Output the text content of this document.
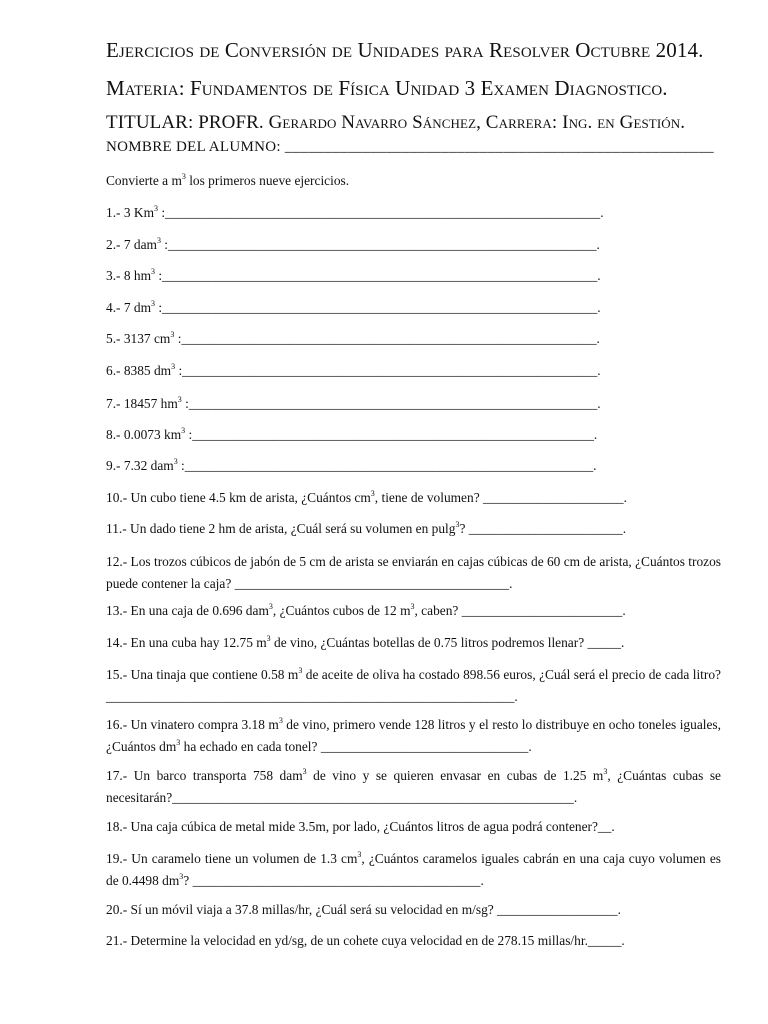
Ejercicios de Conversión de Unidades para Resolver Octubre 2014.
Materia: Fundamentos de Física Unidad 3 Examen Diagnostico.
TITULAR: PROFR. Gerardo Navarro Sánchez, Carrera: Ing. en Gestión.
NOMBRE DEL ALUMNO: _______________________________________________________
Convierte a $m^3$ los primeros nueve ejercicios.
1.- 3 Km$^3$ :_________________________________________________________________.
2.- 7 dam$^3$ :________________________________________________________________.
3.- 8 $hm^3$ :_________________________________________________________________.
4.- 7 $dm^3$ :_________________________________________________________________.
5.- 3137 $cm^3$ :______________________________________________________________.
6.- 8385 $dm^3$ :______________________________________________________________.
7.- 18457 $hm^3$ :_____________________________________________________________.
8.- 0.0073 $km^3$ :____________________________________________________________.
9.- 7.32 dam$^3$ :_____________________________________________________________.
10.- Un cubo tiene 4.5 km de arista, ¿Cuántos $cm^3$, tiene de volumen? _____________________.
11.- Un dado tiene 2 hm de arista, ¿Cuál será su volumen en pulg$^3$? _______________________.
12.- Los trozos cúbicos de jabón de 5 cm de arista se enviarán en cajas cúbicas de 60 cm de arista, ¿Cuántos trozos puede contener la caja? _________________________________________.
13.- En una caja de 0.696 dam$^3$, ¿Cuántos cubos de 12 $m^3$, caben? ________________________.
14.- En una cuba hay 12.75 $m^3$ de vino, ¿Cuántas botellas de 0.75 litros podremos llenar? _____.
15.- Una tinaja que contiene 0.58 $m^3$ de aceite de oliva ha costado 898.56 euros, ¿Cuál será el precio de cada litro? _____________________________________________________________.
16.- Un vinatero compra 3.18 $m^3$ de vino, primero vende 128 litros y el resto lo distribuye en ocho toneles iguales, ¿Cuántos $dm^3$ ha echado en cada tonel? _______________________________.
17.- Un barco transporta 758 dam$^3$ de vino y se quieren envasar en cubas de 1.25 $m^3$, ¿Cuántas cubas se necesitarán?____________________________________________________________.
18.- Una caja cúbica de metal mide 3.5m, por lado, ¿Cuántos litros de agua podrá contener?__.
19.- Un caramelo tiene un volumen de 1.3 $cm^3$, ¿Cuántos caramelos iguales cabrán en una caja cuyo volumen es de 0.4498 $dm^3$? ___________________________________________.
20.- Sí un móvil viaja a 37.8 millas/hr, ¿Cuál será su velocidad en m/sg? __________________.
21.- Determine la velocidad en yd/sg, de un cohete cuya velocidad en de 278.15 millas/hr._____.
